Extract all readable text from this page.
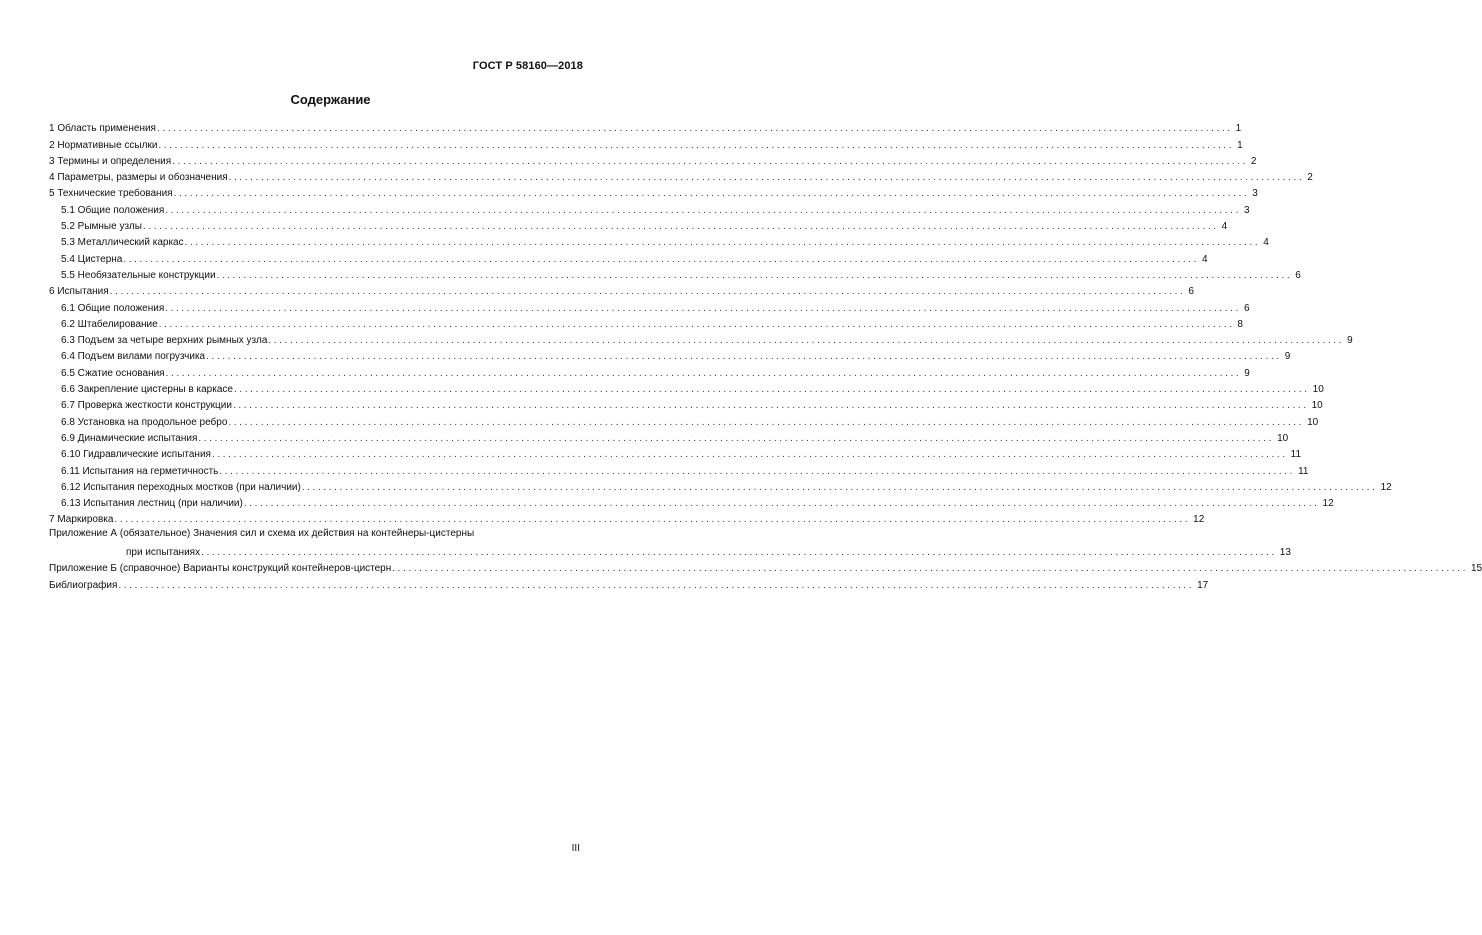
ГОСТ Р 58160—2018
Содержание
1 Область применения ........................................................................................................................................................................................................ 1
2 Нормативные ссылки ........................................................................................................................................................................................................ 1
3 Термины и определения ........................................................................................................................................................................................................ 2
4 Параметры, размеры и обозначения ........................................................................................................................................................................................................ 2
5 Технические требования ........................................................................................................................................................................................................ 3
5.1 Общие положения ........................................................................................................................................................................................................ 3
5.2 Рымные узлы ........................................................................................................................................................................................................ 4
5.3 Металлический каркас ........................................................................................................................................................................................................ 4
5.4 Цистерна ........................................................................................................................................................................................................ 4
5.5 Необязательные конструкции ........................................................................................................................................................................................................ 6
6 Испытания ........................................................................................................................................................................................................ 6
6.1 Общие положения ........................................................................................................................................................................................................ 6
6.2 Штабелирование ........................................................................................................................................................................................................ 8
6.3 Подъем за четыре верхних рымных узла ........................................................................................................................................................................................................ 9
6.4 Подъем вилами погрузчика ........................................................................................................................................................................................................ 9
6.5 Сжатие основания ........................................................................................................................................................................................................ 9
6.6 Закрепление цистерны в каркасе ........................................................................................................................................................................................................ 10
6.7 Проверка жесткости конструкции ........................................................................................................................................................................................................ 10
6.8 Установка на продольное ребро ........................................................................................................................................................................................................ 10
6.9 Динамические испытания ........................................................................................................................................................................................................ 10
6.10 Гидравлические испытания ........................................................................................................................................................................................................ 11
6.11 Испытания на герметичность ........................................................................................................................................................................................................ 11
6.12 Испытания переходных мостков (при наличии) ........................................................................................................................................................................................................ 12
6.13 Испытания лестниц (при наличии) ........................................................................................................................................................................................................ 12
7 Маркировка ........................................................................................................................................................................................................ 12
Приложение А (обязательное) Значения сил и схема их действия на контейнеры-цистерны
при испытаниях ........................................................................................................................................................................................................ 13
Приложение Б (справочное) Варианты конструкций контейнеров-цистерн ........................................................................................................................................................................................................ 15
Библиография ........................................................................................................................................................................................................ 17
III
